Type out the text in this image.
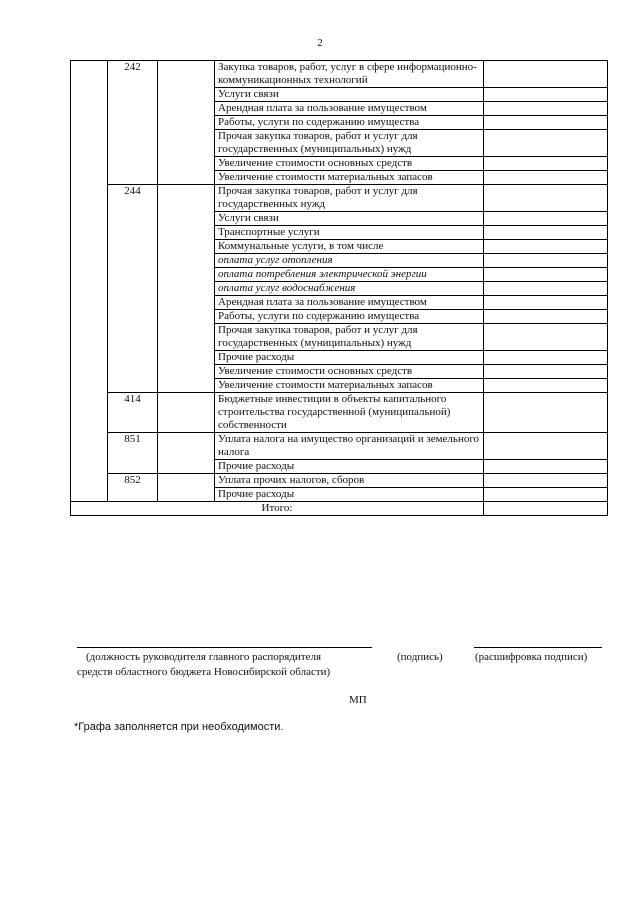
2
	242		Закупка товаров, работ, услуг в сфере информационно-коммуникационных технологий	
			Услуги связи	
			Арендная плата за пользование имуществом	
			Работы, услуги по содержанию имущества	
			Прочая закупка товаров, работ и услуг для государственных (муниципальных) нужд	
			Увеличение стоимости основных средств	
			Увеличение стоимости материальных запасов	
	244		Прочая закупка товаров, работ и услуг для государственных нужд	
			Услуги связи	
			Транспортные услуги	
			Коммунальные услуги, в том числе	
			оплата услуг отопления	
			оплата потребления электрической энергии	
			оплата услуг водоснабжения	
			Арендная плата за пользование имуществом	
			Работы, услуги по содержанию имущества	
			Прочая закупка товаров, работ и услуг для государственных (муниципальных) нужд	
			Прочие расходы	
			Увеличение стоимости основных средств	
			Увеличение стоимости материальных запасов	
	414		Бюджетные инвестиции в объекты капитального строительства государственной (муниципальной) собственности	
	851		Уплата налога на имущество организаций и земельного налога	
			Прочие расходы	
	852		Уплата прочих налогов, сборов	
			Прочие расходы	
Итого:				
(должность руководителя главного распорядителя
средств областного бюджета Новосибирской области)
(подпись)	(расшифровка подписи)
МП
*Графа заполняется при необходимости.
